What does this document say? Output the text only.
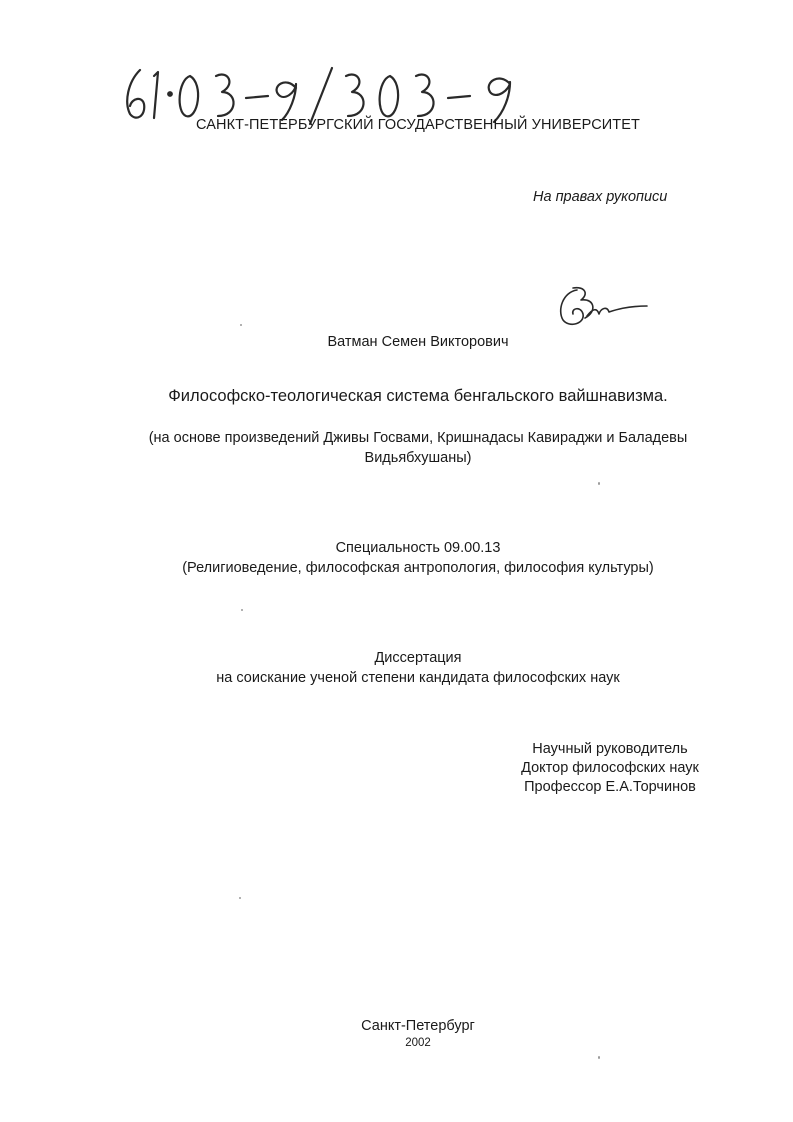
САНКТ-ПЕТЕРБУРГСКИЙ ГОСУДАРСТВЕННЫЙ УНИВЕРСИТЕТ
На правах рукописи
Ватман Семен Викторович
Философско-теологическая система бенгальского вайшнавизма.
(на основе произведений Дживы Госвами, Кришнадасы Кавираджи и Баладевы
Видьябхушаны)
Специальность 09.00.13
(Религиоведение, философская антропология, философия культуры)
Диссертация
на соискание ученой степени кандидата философских наук
Научный руководитель
Доктор философских наук
Профессор Е.А.Торчинов
Санкт-Петербург
2002
